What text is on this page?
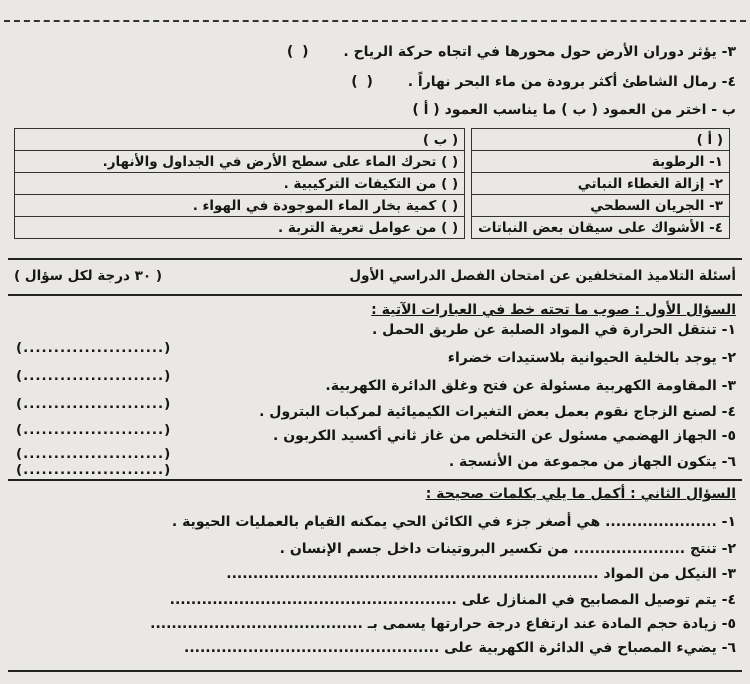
٣- يؤثر دوران الأرض حول محورها في اتجاه حركة الرياح . ( )
٤- رمال الشاطئ أكثر برودة من ماء البحر نهاراً . ( )
ب - اختر من العمود ( ب ) ما يناسب العمود ( أ )
( أ )		( ب )
١- الرطوبة		( ) تحرك الماء على سطح الأرض في الجداول والأنهار.
٢- إزالة الغطاء النباتي		( ) من التكيفات التركيبية .
٣- الجريان السطحي		( ) كمية بخار الماء الموجودة في الهواء .
٤- الأشواك على سيقان بعض النباتات		( ) من عوامل تعرية التربة .
أسئلة التلاميذ المتخلفين عن امتحان الفصل الدراسي الأول
( ٣٠ درجة لكل سؤال )
السؤال الأول : صوب ما تحته خط في العبارات الآتية :
١- تنتقل الحرارة في المواد الصلبة عن طريق الحمل .
(.......................)
٢- يوجد بالخلية الحيوانية بلاستيدات خضراء
(.......................)
٣- المقاومة الكهربية مسئولة عن فتح وغلق الدائرة الكهربية.
(.......................)	٤- لصنع الزجاج نقوم بعمل بعض التغيرات الكيميائية لمركبات البترول .
(.......................)	٥- الجهاز الهضمي مسئول عن التخلص من غاز ثاني أكسيد الكربون .
(.......................)	٦- يتكون الجهاز من مجموعة من الأنسجة .
(.......................)
السؤال الثاني : أكمل ما يلي بكلمات صحيحة :
١- ..................... هي أصغر جزء في الكائن الحي يمكنه القيام بالعمليات الحيوية .
٢- تنتج ..................... من تكسير البروتينات داخل جسم الإنسان .
٣- النيكل من المواد ......................................................................
٤- يتم توصيل المصابيح في المنازل على ......................................................
٥- زيادة حجم المادة عند ارتفاع درجة حرارتها يسمى بـ ........................................
٦- يضيء المصباح في الدائرة الكهربية على ................................................
